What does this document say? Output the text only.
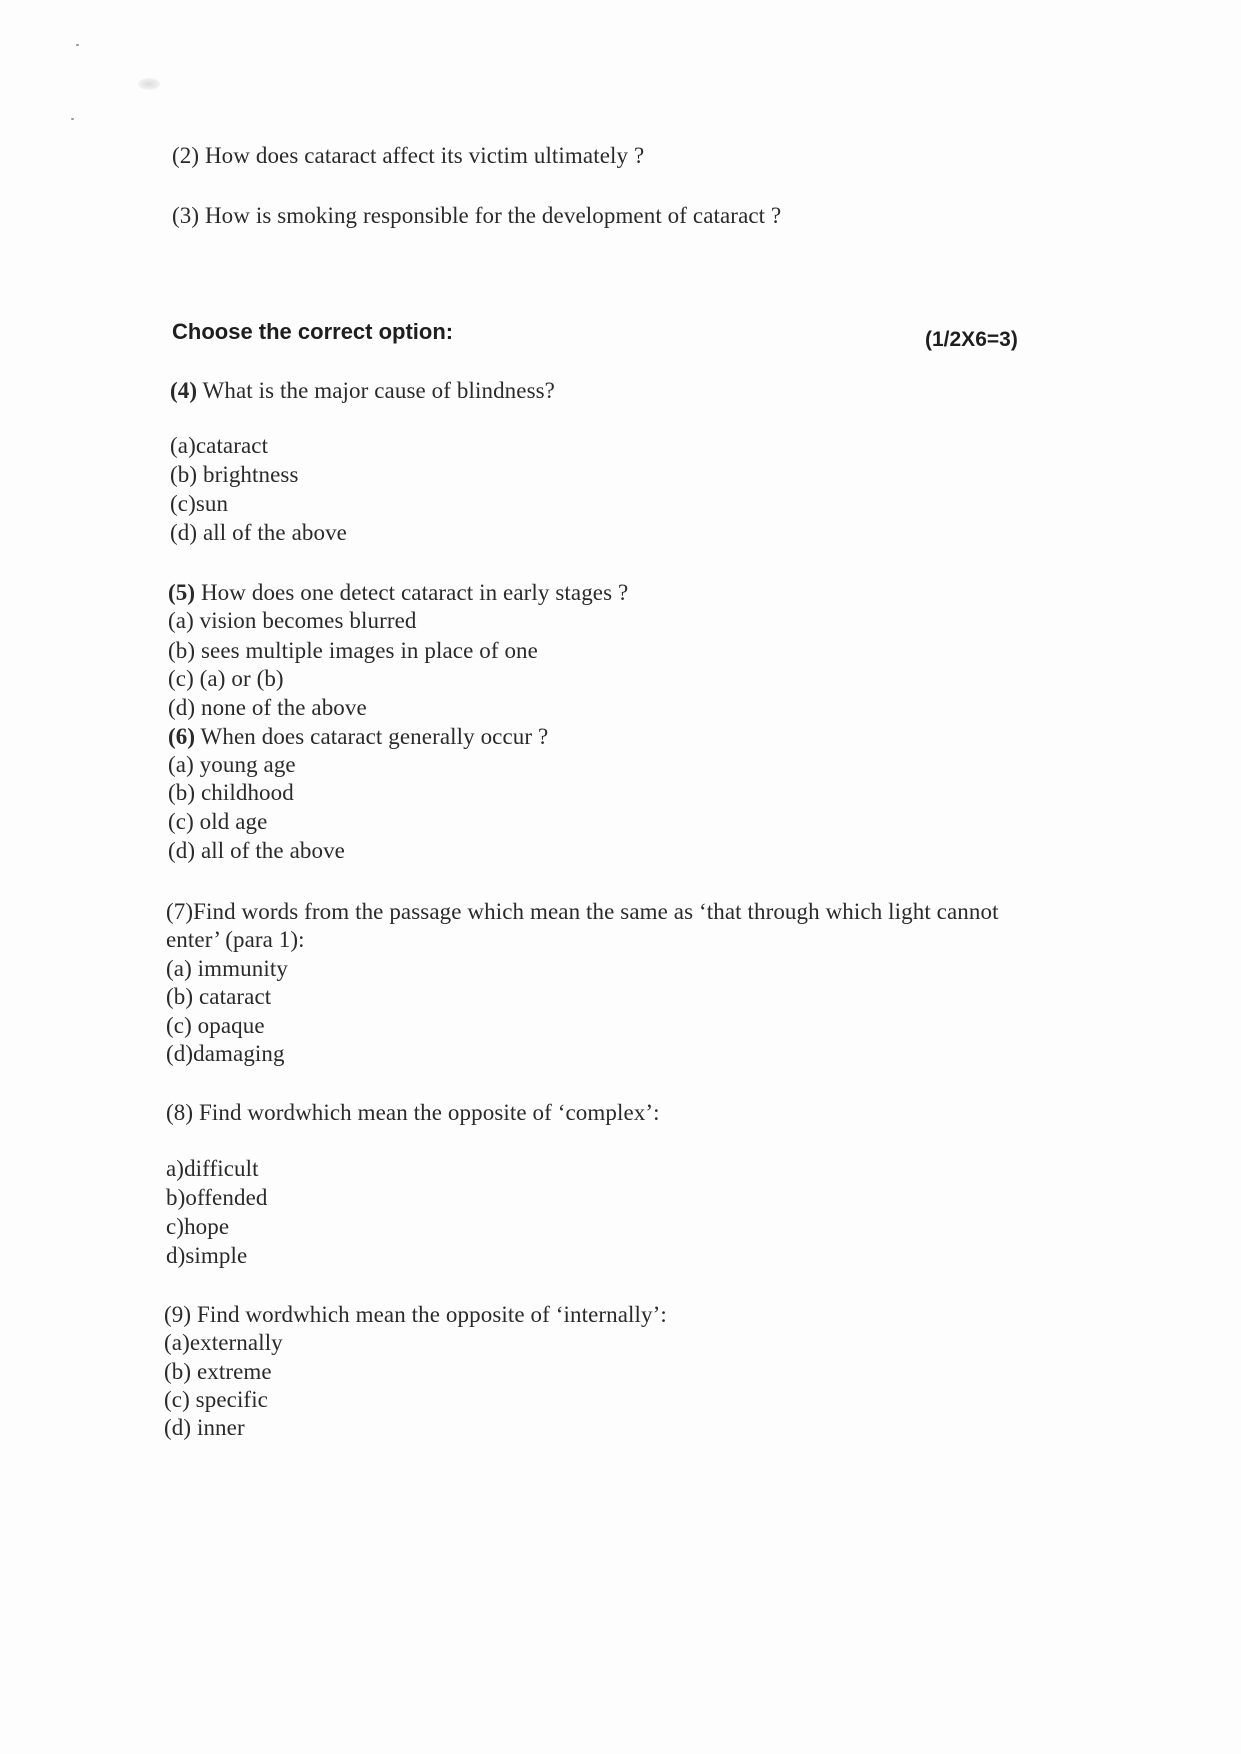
(2) How does cataract affect its victim ultimately ?
(3) How is smoking responsible for the development of cataract ?
Choose the correct option:	(1/2X6=3)
(4) What is the major cause of blindness?
(a)cataract
(b) brightness
(c)sun
(d) all of the above
(5) How does one detect cataract in early stages ?
(a) vision becomes blurred
(b) sees multiple images in place of one
(c) (a) or (b)
(d) none of the above
(6) When does cataract generally occur ?
(a) young age
(b) childhood
(c) old age
(d) all of the above
(7)Find words from the passage which mean the same as ‘that through which light cannot
enter’ (para 1):
(a) immunity
(b) cataract
(c) opaque
(d)damaging
(8) Find wordwhich mean the opposite of ‘complex’:
a)difficult
b)offended
c)hope
d)simple
(9) Find wordwhich mean the opposite of ‘internally’:
(a)externally
(b) extreme
(c) specific
(d) inner
